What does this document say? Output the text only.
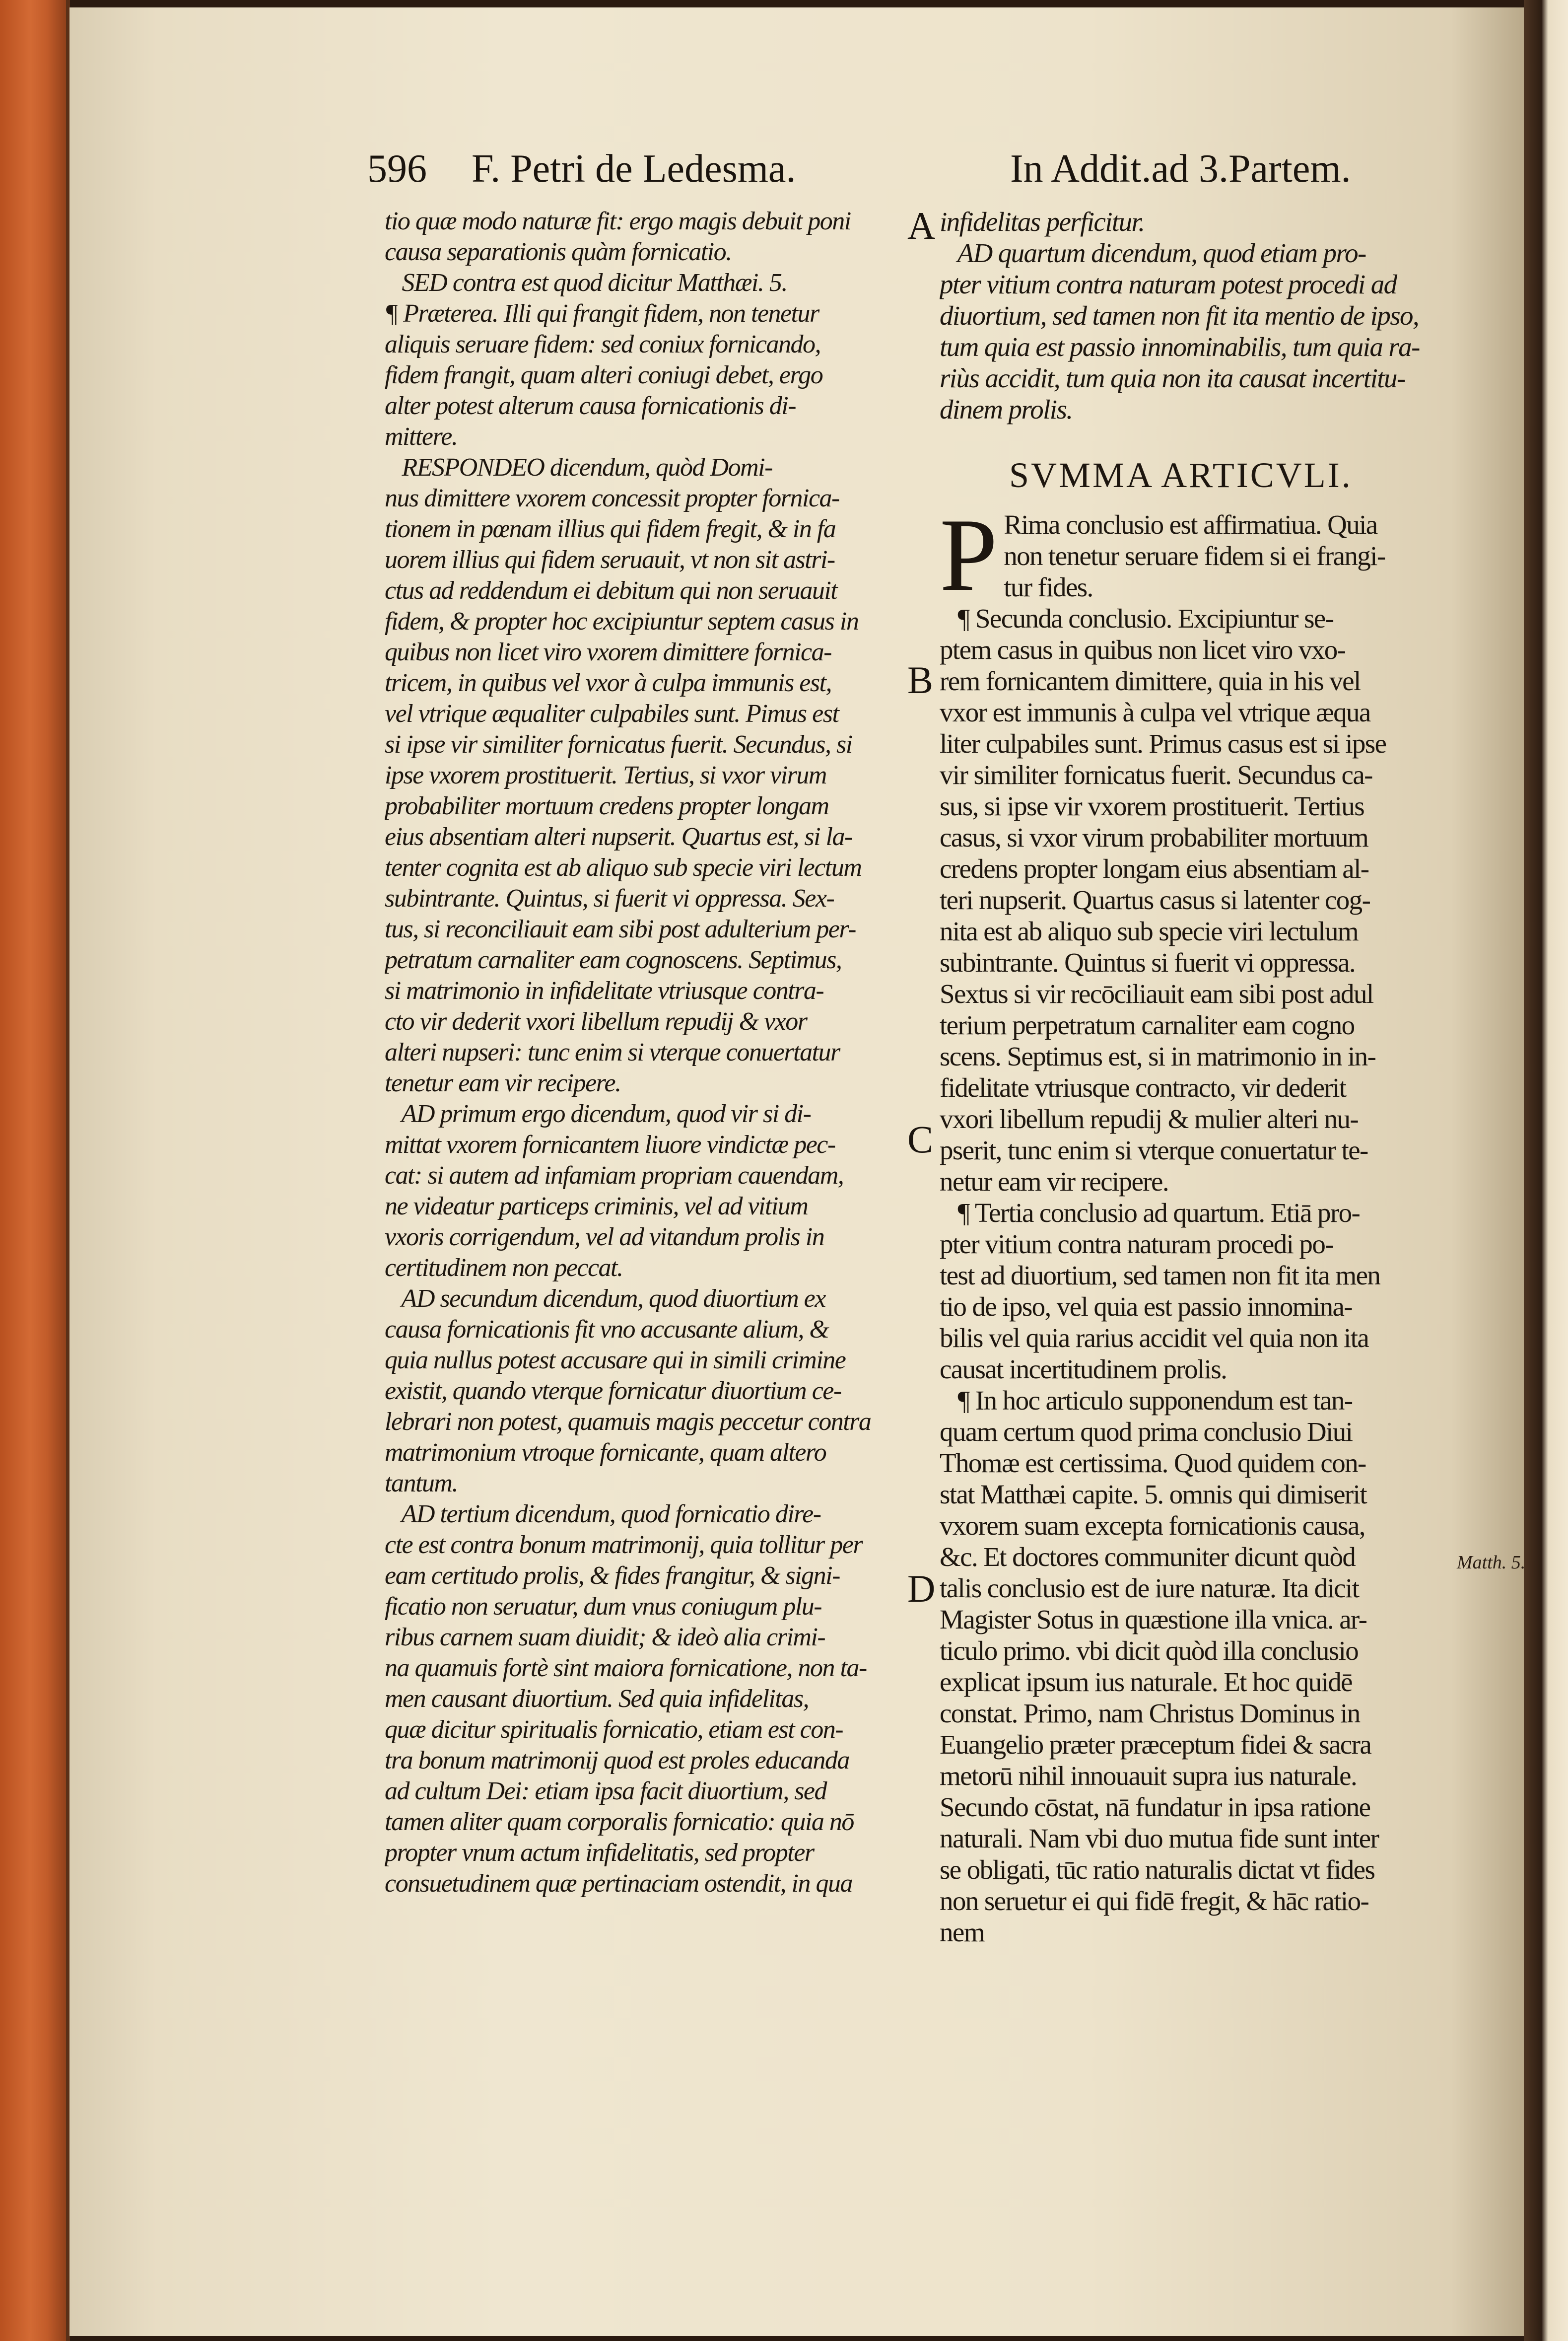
596 F. Petri de Ledesma.	In Addit.ad 3.Partem.
A
B
C
D
Matth. 5.
tio quæ modo naturæ fit: ergo magis debuit poni
causa separationis quàm fornicatio.
SED contra est quod dicitur Matthæi. 5.
¶ Præterea. Illi qui frangit fidem, non tenetur
aliquis seruare fidem: sed coniux fornicando,
fidem frangit, quam alteri coniugi debet, ergo
alter potest alterum causa fornicationis di-
mittere.
RESPONDEO dicendum, quòd Domi-
nus dimittere vxorem concessit propter fornica-
tionem in pœnam illius qui fidem fregit, & in fa
uorem illius qui fidem seruauit, vt non sit astri-
ctus ad reddendum ei debitum qui non seruauit
fidem, & propter hoc excipiuntur septem casus in
quibus non licet viro vxorem dimittere fornica-
tricem, in quibus vel vxor à culpa immunis est,
vel vtrique æqualiter culpabiles sunt. Pimus est
si ipse vir similiter fornicatus fuerit. Secundus, si
ipse vxorem prostituerit. Tertius, si vxor virum
probabiliter mortuum credens propter longam
eius absentiam alteri nupserit. Quartus est, si la-
tenter cognita est ab aliquo sub specie viri lectum
subintrante. Quintus, si fuerit vi oppressa. Sex-
tus, si reconciliauit eam sibi post adulterium per-
petratum carnaliter eam cognoscens. Septimus,
si matrimonio in infidelitate vtriusque contra-
cto vir dederit vxori libellum repudij & vxor
alteri nupseri: tunc enim si vterque conuertatur
tenetur eam vir recipere.
AD primum ergo dicendum, quod vir si di-
mittat vxorem fornicantem liuore vindictæ pec-
cat: si autem ad infamiam propriam cauendam,
ne videatur particeps criminis, vel ad vitium
vxoris corrigendum, vel ad vitandum prolis in
certitudinem non peccat.
AD secundum dicendum, quod diuortium ex
causa fornicationis fit vno accusante alium, &
quia nullus potest accusare qui in simili crimine
existit, quando vterque fornicatur diuortium ce-
lebrari non potest, quamuis magis peccetur contra
matrimonium vtroque fornicante, quam altero
tantum.
AD tertium dicendum, quod fornicatio dire-
cte est contra bonum matrimonij, quia tollitur per
eam certitudo prolis, & fides frangitur, & signi-
ficatio non seruatur, dum vnus coniugum plu-
ribus carnem suam diuidit; & ideò alia crimi-
na quamuis fortè sint maiora fornicatione, non ta-
men causant diuortium. Sed quia infidelitas,
quæ dicitur spiritualis fornicatio, etiam est con-
tra bonum matrimonij quod est proles educanda
ad cultum Dei: etiam ipsa facit diuortium, sed
tamen aliter quam corporalis fornicatio: quia nō
propter vnum actum infidelitatis, sed propter
consuetudinem quæ pertinaciam ostendit, in qua
infidelitas perficitur.
AD quartum dicendum, quod etiam pro-
pter vitium contra naturam potest procedi ad
diuortium, sed tamen non fit ita mentio de ipso,
tum quia est passio innominabilis, tum quia ra-
riùs accidit, tum quia non ita causat incertitu-
dinem prolis.

SVMMA ARTICVLI.

P Rima conclusio est affirmatiua. Quia
non tenetur seruare fidem si ei frangi-
tur fides.
¶ Secunda conclusio. Excipiuntur se-
ptem casus in quibus non licet viro vxo-
rem fornicantem dimittere, quia in his vel
vxor est immunis à culpa vel vtrique æqua
liter culpabiles sunt. Primus casus est si ipse
vir similiter fornicatus fuerit. Secundus ca-
sus, si ipse vir vxorem prostituerit. Tertius
casus, si vxor virum probabiliter mortuum
credens propter longam eius absentiam al-
teri nupserit. Quartus casus si latenter cog-
nita est ab aliquo sub specie viri lectulum
subintrante. Quintus si fuerit vi oppressa.
Sextus si vir recōciliauit eam sibi post adul
terium perpetratum carnaliter eam cogno
scens. Septimus est, si in matrimonio in in-
fidelitate vtriusque contracto, vir dederit
vxori libellum repudij & mulier alteri nu-
pserit, tunc enim si vterque conuertatur te-
netur eam vir recipere.
¶ Tertia conclusio ad quartum. Etiā pro-
pter vitium contra naturam procedi po-
test ad diuortium, sed tamen non fit ita men
tio de ipso, vel quia est passio innomina-
bilis vel quia rarius accidit vel quia non ita
causat incertitudinem prolis.
¶ In hoc articulo supponendum est tan-
quam certum quod prima conclusio Diui
Thomæ est certissima. Quod quidem con-
stat Matthæi capite. 5. omnis qui dimiserit
vxorem suam excepta fornicationis causa,
&c. Et doctores communiter dicunt quòd
talis conclusio est de iure naturæ. Ita dicit
Magister Sotus in quæstione illa vnica. ar-
ticulo primo. vbi dicit quòd illa conclusio
explicat ipsum ius naturale. Et hoc quidē
constat. Primo, nam Christus Dominus in
Euangelio præter præceptum fidei & sacra
metorū nihil innouauit supra ius naturale.
Secundo cōstat, nā fundatur in ipsa ratione
naturali. Nam vbi duo mutua fide sunt inter
se obligati, tūc ratio naturalis dictat vt fides
non seruetur ei qui fidē fregit, & hāc ratio-
nem
